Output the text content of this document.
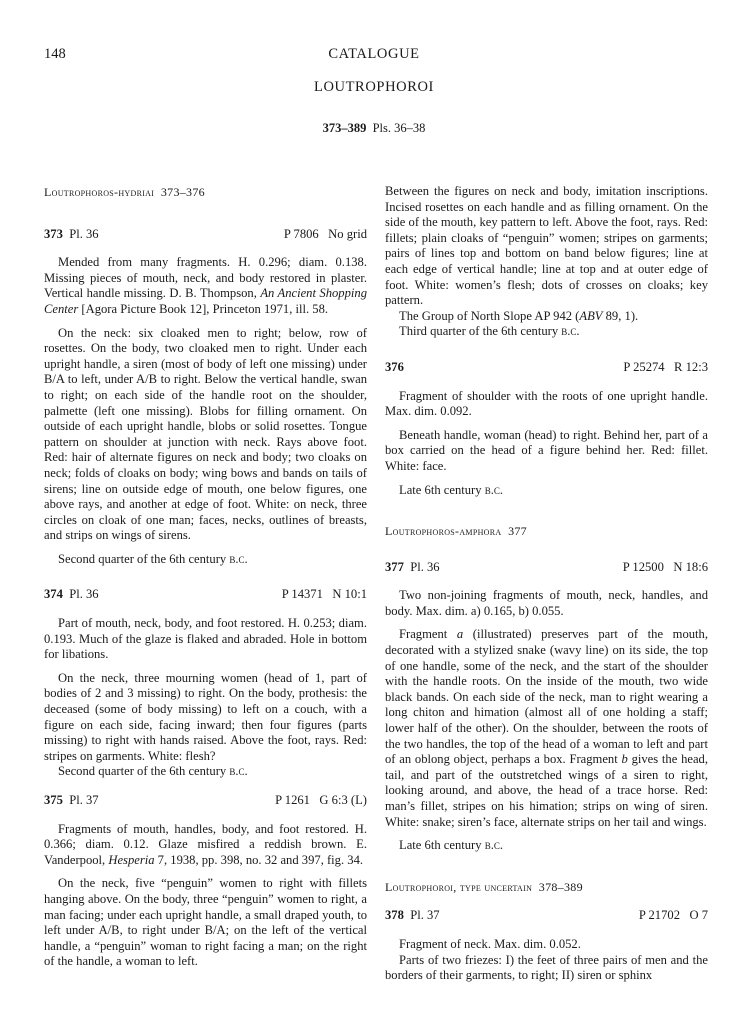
148	CATALOGUE
LOUTROPHOROI
373–389 Pls. 36–38

Loutrophoros-hydriai 373–376

373 Pl. 36	P 7806 No grid

Mended from many fragments. H. 0.296; diam. 0.138. Missing pieces of mouth, neck, and body restored in plaster. Vertical handle missing. D. B. Thompson, An Ancient Shopping Center [Agora Picture Book 12], Princeton 1971, ill. 58.

On the neck: six cloaked men to right; below, row of rosettes. On the body, two cloaked men to right. Under each upright handle, a siren (most of body of left one missing) under B/A to left, under A/B to right. Below the vertical handle, swan to right; on each side of the handle root on the shoulder, palmette (left one missing). Blobs for filling ornament. On outside of each upright handle, blobs or solid rosettes. Tongue pattern on shoulder at junction with neck. Rays above foot. Red: hair of alternate figures on neck and body; two cloaks on neck; folds of cloaks on body; wing bows and bands on tails of sirens; line on outside edge of mouth, one below figures, one above rays, and another at edge of foot. White: on neck, three circles on cloak of one man; faces, necks, outlines of breasts, and strips on wings of sirens.

Second quarter of the 6th century b.c.

374 Pl. 36	P 14371 N 10:1

Part of mouth, neck, body, and foot restored. H. 0.253; diam. 0.193. Much of the glaze is flaked and abraded. Hole in bottom for libations.

On the neck, three mourning women (head of 1, part of bodies of 2 and 3 missing) to right. On the body, prothesis: the deceased (some of body missing) to left on a couch, with a figure on each side, facing inward; then four figures (parts missing) to right with hands raised. Above the foot, rays. Red: stripes on garments. White: flesh?

Second quarter of the 6th century b.c.

375 Pl. 37	P 1261 G 6:3 (L)

Fragments of mouth, handles, body, and foot restored. H. 0.366; diam. 0.12. Glaze misfired a reddish brown. E. Vanderpool, Hesperia 7, 1938, pp. 398, no. 32 and 397, fig. 34.

On the neck, five “penguin” women to right with fillets hanging above. On the body, three “penguin” women to right, a man facing; under each upright handle, a small draped youth, to left under A/B, to right under B/A; on the left of the vertical handle, a “penguin” woman to right facing a man; on the right of the handle, a woman to left.

Between the figures on neck and body, imitation inscriptions. Incised rosettes on each handle and as filling ornament. On the side of the mouth, key pattern to left. Above the foot, rays. Red: fillets; plain cloaks of “penguin” women; stripes on garments; pairs of lines top and bottom on band below figures; line at each edge of vertical handle; line at top and at outer edge of foot. White: women’s flesh; dots of crosses on cloaks; key pattern.

The Group of North Slope AP 942 (ABV 89, 1).

Third quarter of the 6th century b.c.

376	P 25274 R 12:3

Fragment of shoulder with the roots of one upright handle. Max. dim. 0.092.

Beneath handle, woman (head) to right. Behind her, part of a box carried on the head of a figure behind her. Red: fillet. White: face.

Late 6th century b.c.

Loutrophoros-amphora 377

377 Pl. 36	P 12500 N 18:6

Two non-joining fragments of mouth, neck, handles, and body. Max. dim. a) 0.165, b) 0.055.

Fragment a (illustrated) preserves part of the mouth, decorated with a stylized snake (wavy line) on its side, the top of one handle, some of the neck, and the start of the shoulder with the handle roots. On the inside of the mouth, two wide black bands. On each side of the neck, man to right wearing a long chiton and himation (almost all of one holding a staff; lower half of the other). On the shoulder, between the roots of the two handles, the top of the head of a woman to left and part of an oblong object, perhaps a box. Fragment b gives the head, tail, and part of the outstretched wings of a siren to right, looking around, and above, the head of a trace horse. Red: man’s fillet, stripes on his himation; strips on wing of siren. White: snake; siren’s face, alternate strips on her tail and wings.

Late 6th century b.c.

Loutrophoroi, type uncertain 378–389

378 Pl. 37	P 21702 O 7

Fragment of neck. Max. dim. 0.052.

Parts of two friezes: I) the feet of three pairs of men and the borders of their garments, to right; II) siren or sphinx
